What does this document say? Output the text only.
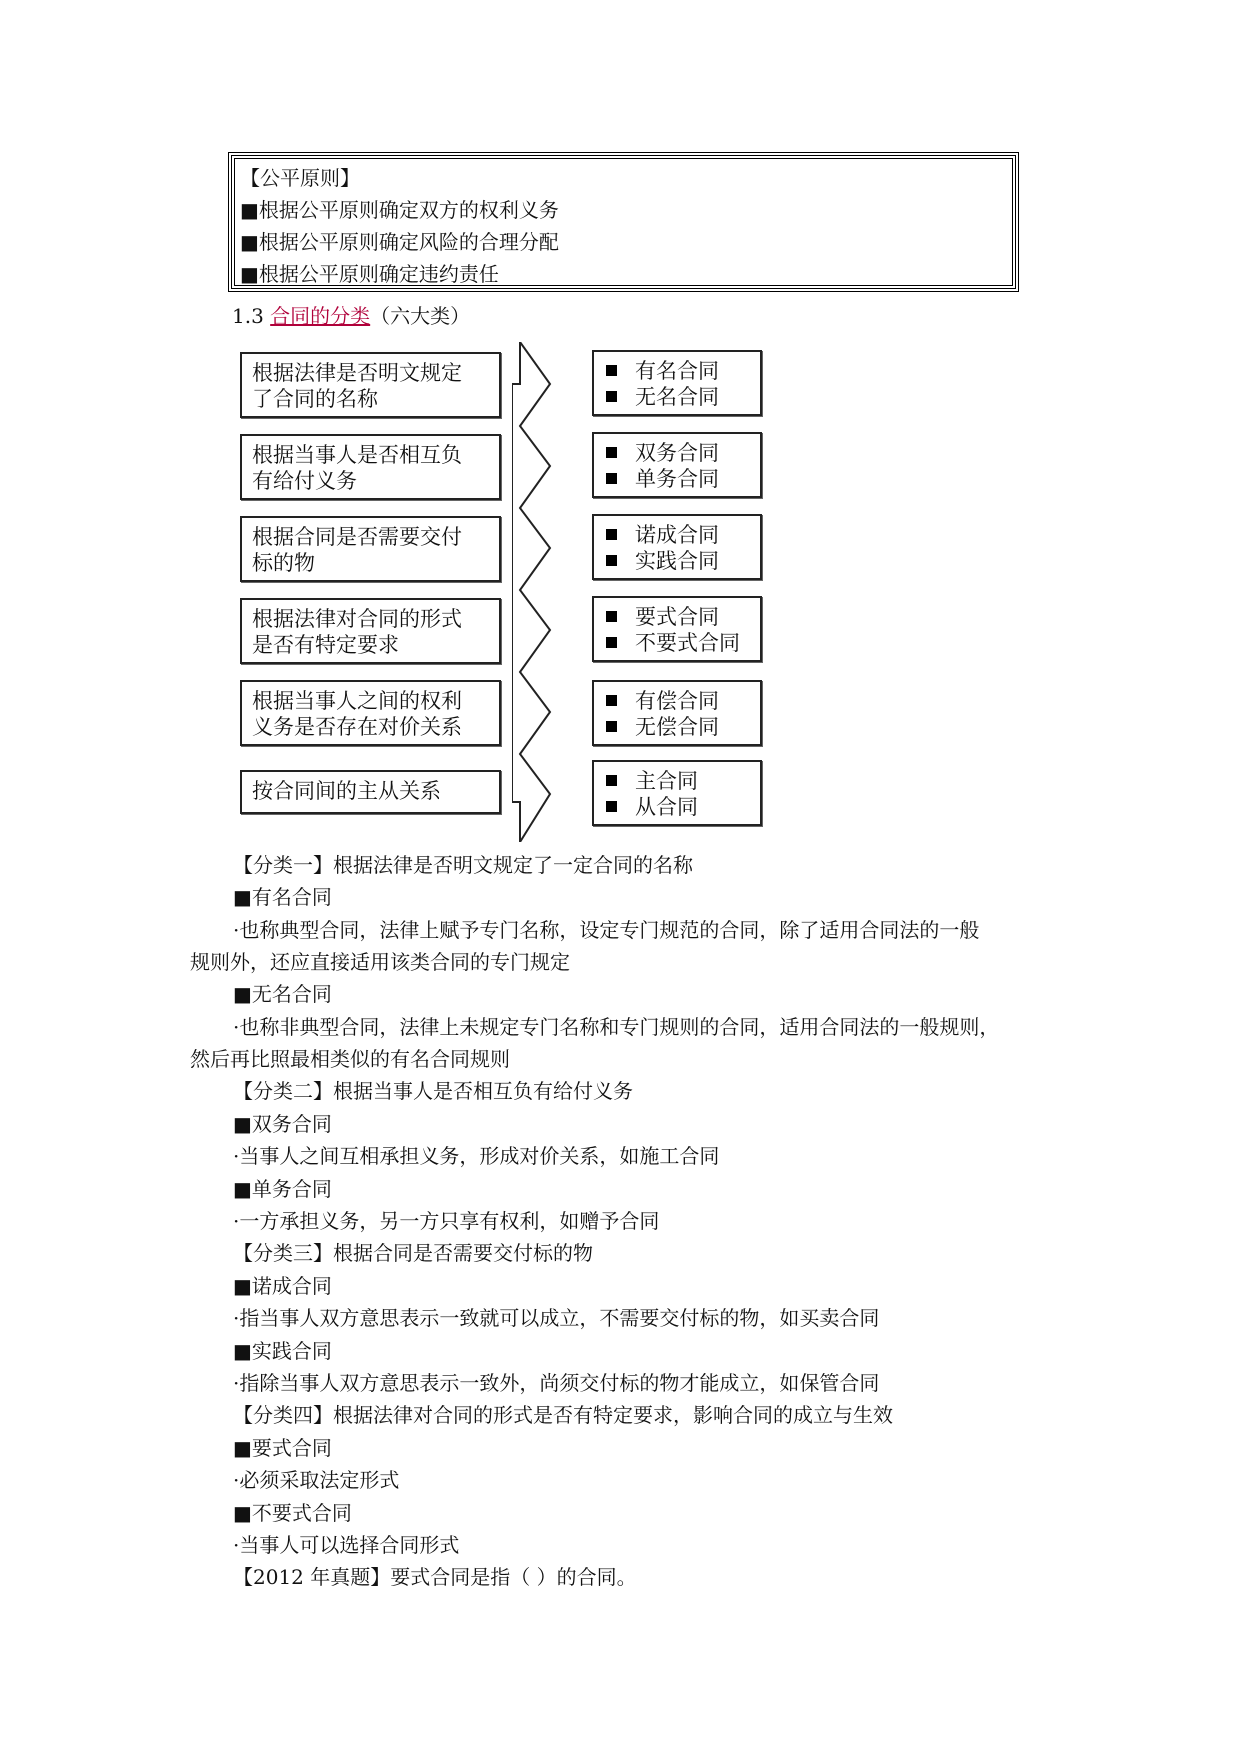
【公平原则】
■根据公平原则确定双方的权利义务
■根据公平原则确定风险的合理分配
■根据公平原则确定违约责任
1.3 合同的分类（六大类）
根据法律是否明文规定
了合同的名称
有名合同
无名合同
根据当事人是否相互负
有给付义务
双务合同
单务合同
根据合同是否需要交付
标的物
诺成合同
实践合同
根据法律对合同的形式
是否有特定要求
要式合同
不要式合同
根据当事人之间的权利
义务是否存在对价关系
有偿合同
无偿合同
按合同间的主从关系	主合同
从合同
【分类一】根据法律是否明文规定了一定合同的名称
■有名合同
·也称典型合同，法律上赋予专门名称，设定专门规范的合同，除了适用合同法的一般
规则外，还应直接适用该类合同的专门规定
■无名合同
·也称非典型合同，法律上未规定专门名称和专门规则的合同，适用合同法的一般规则，
然后再比照最相类似的有名合同规则
【分类二】根据当事人是否相互负有给付义务
■双务合同
·当事人之间互相承担义务，形成对价关系，如施工合同
■单务合同
·一方承担义务，另一方只享有权利，如赠予合同
【分类三】根据合同是否需要交付标的物
■诺成合同
·指当事人双方意思表示一致就可以成立，不需要交付标的物，如买卖合同
■实践合同
·指除当事人双方意思表示一致外，尚须交付标的物才能成立，如保管合同
【分类四】根据法律对合同的形式是否有特定要求，影响合同的成立与生效
■要式合同
·必须采取法定形式
■不要式合同
·当事人可以选择合同形式
【2012 年真题】要式合同是指（ ）的合同。
